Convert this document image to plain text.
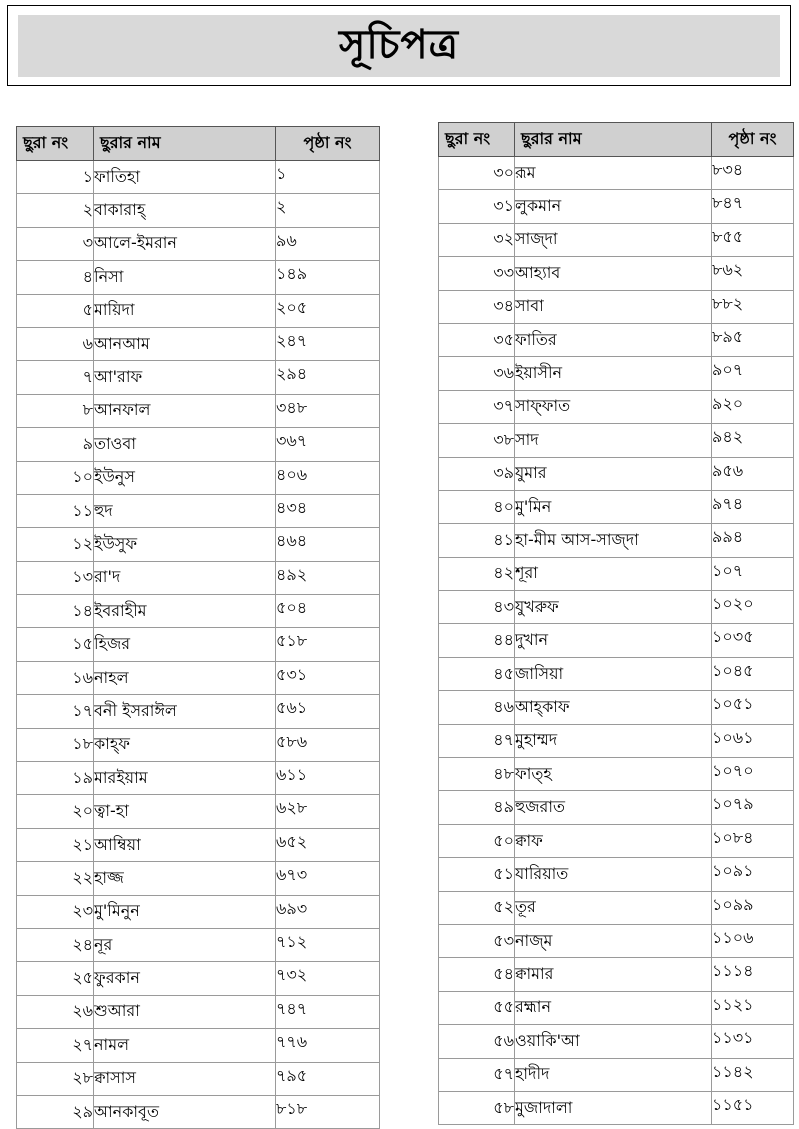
সূচিপত্র
ছুরা নং	ছুরার নাম	পৃষ্ঠা নং
১	ফাতিহা	১
২	বাকারাহ্	২
৩	আলে-ইমরান	৯৬
৪	নিসা	১৪৯
৫	মায়িদা	২০৫
৬	আনআম	২৪৭
৭	আ'রাফ	২৯৪
৮	আনফাল	৩৪৮
৯	তাওবা	৩৬৭
১০	ইউনুস	৪০৬
১১	হুদ	৪৩৪
১২	ইউসুফ	৪৬৪
১৩	রা'দ	৪৯২
১৪	ইবরাহীম	৫০৪
১৫	হিজর	৫১৮
১৬	নাহল	৫৩১
১৭	বনী ইসরাঈল	৫৬১
১৮	কাহ্ফ	৫৮৬
১৯	মারইয়াম	৬১১
২০	ত্বা-হা	৬২৮
২১	আম্বিয়া	৬৫২
২২	হাজ্জ	৬৭৩
২৩	মু'মিনুন	৬৯৩
২৪	নূর	৭১২
২৫	ফুরকান	৭৩২
২৬	শুআরা	৭৪৭
২৭	নামল	৭৭৬
২৮	ক্বাসাস	৭৯৫
২৯	আনকাবূত	৮১৮
ছুরা নং	ছুরার নাম	পৃষ্ঠা নং
৩০	রূম	৮৩৪
৩১	লুকমান	৮৪৭
৩২	সাজ্দা	৮৫৫
৩৩	আহ্যাব	৮৬২
৩৪	সাবা	৮৮২
৩৫	ফাতির	৮৯৫
৩৬	ইয়াসীন	৯০৭
৩৭	সাফ্ফাত	৯২০
৩৮	সাদ	৯৪২
৩৯	যুমার	৯৫৬
৪০	মু'মিন	৯৭৪
৪১	হা-মীম আস-সাজ্দা	৯৯৪
৪২	শূরা	১০৭
৪৩	যুখরুফ	১০২০
৪৪	দুখান	১০৩৫
৪৫	জাসিয়া	১০৪৫
৪৬	আহ্কাফ	১০৫১
৪৭	মুহাম্মদ	১০৬১
৪৮	ফাত্হ	১০৭০
৪৯	হুজরাত	১০৭৯
৫০	ক্বাফ	১০৮৪
৫১	যারিয়াত	১০৯১
৫২	তূর	১০৯৯
৫৩	নাজ্ম	১১০৬
৫৪	ক্বামার	১১১৪
৫৫	রহ্মান	১১২১
৫৬	ওয়াকি'আ	১১৩১
৫৭	হাদীদ	১১৪২
৫৮	মুজাদালা	১১৫১
